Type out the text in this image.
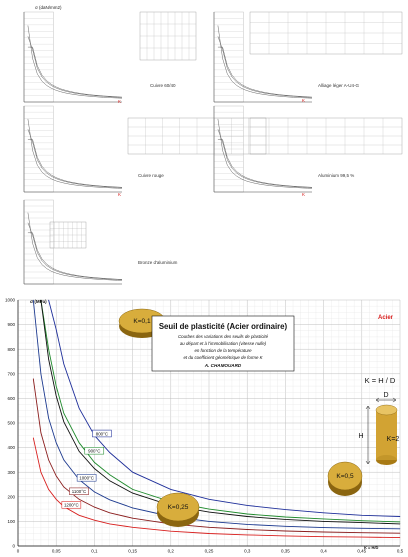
σ (daN/mm2)
Cuivre 60/40	Alliage léger A-U4-G
Cuivre rouge	Aluminium 99,5 %
Bronze d'aluminium
K	K
K	K
0
100
200
300
400
500
600
700
800
900
1000
0	0,05	0,1	0,15	0,2	0,25	0,3	0,35	0,4	0,45	0,5
800°C
900°C
1000°C
1100°C
1200°C
σ (MPa)
K = H/D
K=0,1
Seuil de plasticité (Acier ordinaire)
Courbes des variations des seuils de plasticité
au départ et à l'immobilisation (vitesse nulle)
en fonction de la température
et du coefficient géométrique de forme K
A. CHAMOUARD
Acier
K=0,25
K=0,5
K = H / D
D
K=2
H
